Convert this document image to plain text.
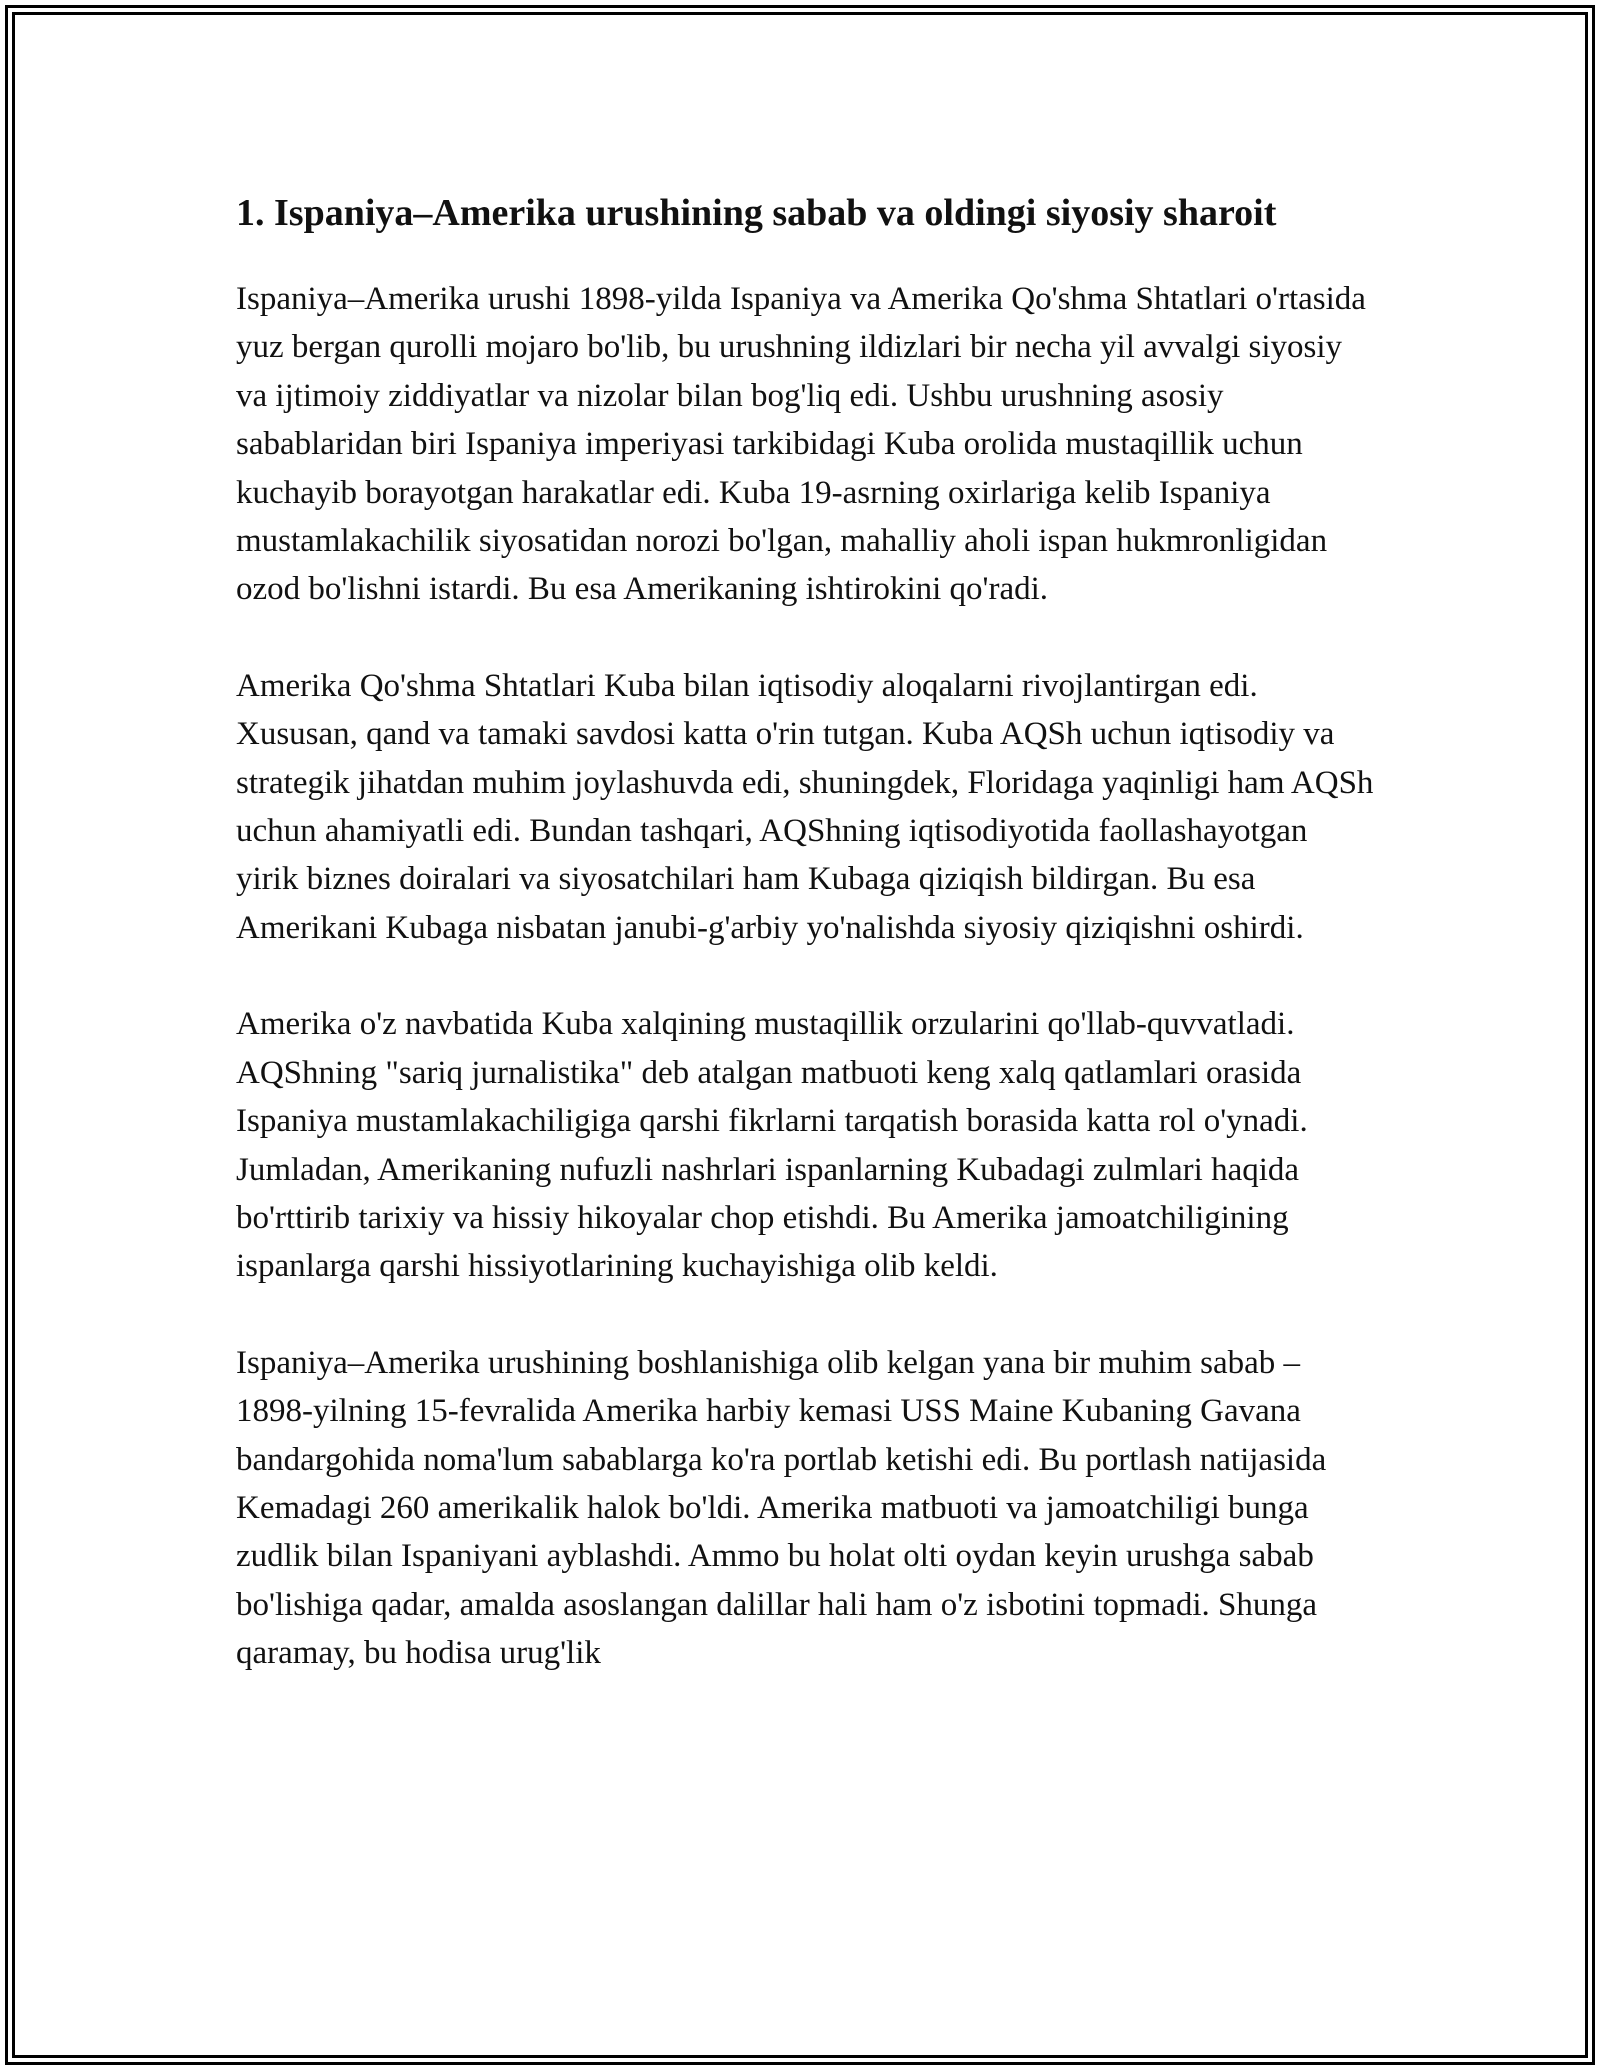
1. Ispaniya–Amerika urushining sabab va oldingi siyosiy sharoit

Ispaniya–Amerika urushi 1898-yilda Ispaniya va Amerika Qo'shma Shtatlari o'rtasida yuz bergan qurolli mojaro bo'lib, bu urushning ildizlari bir necha yil avvalgi siyosiy va ijtimoiy ziddiyatlar va nizolar bilan bog'liq edi. Ushbu urushning asosiy sabablaridan biri Ispaniya imperiyasi tarkibidagi Kuba orolida mustaqillik uchun kuchayib borayotgan harakatlar edi. Kuba 19-asrning oxirlariga kelib Ispaniya mustamlakachilik siyosatidan norozi bo'lgan, mahalliy aholi ispan hukmronligidan ozod bo'lishni istardi. Bu esa Amerikaning ishtirokini qo'radi.

Amerika Qo'shma Shtatlari Kuba bilan iqtisodiy aloqalarni rivojlantirgan edi. Xususan, qand va tamaki savdosi katta o'rin tutgan. Kuba AQSh uchun iqtisodiy va strategik jihatdan muhim joylashuvda edi, shuningdek, Floridaga yaqinligi ham AQSh uchun ahamiyatli edi. Bundan tashqari, AQShning iqtisodiyotida faollashayotgan yirik biznes doiralari va siyosatchilari ham Kubaga qiziqish bildirgan. Bu esa Amerikani Kubaga nisbatan janubi-g'arbiy yo'nalishda siyosiy qiziqishni oshirdi.

Amerika o'z navbatida Kuba xalqining mustaqillik orzularini qo'llab-quvvatladi. AQShning "sariq jurnalistika" deb atalgan matbuoti keng xalq qatlamlari orasida Ispaniya mustamlakachiligiga qarshi fikrlarni tarqatish borasida katta rol o'ynadi. Jumladan, Amerikaning nufuzli nashrlari ispanlarning Kubadagi zulmlari haqida bo'rttirib tarixiy va hissiy hikoyalar chop etishdi. Bu Amerika jamoatchiligining ispanlarga qarshi hissiyotlarining kuchayishiga olib keldi.

Ispaniya–Amerika urushining boshlanishiga olib kelgan yana bir muhim sabab – 1898-yilning 15-fevralida Amerika harbiy kemasi USS Maine Kubaning Gavana bandargohida noma'lum sabablarga ko'ra portlab ketishi edi. Bu portlash natijasida Kemadagi 260 amerikalik halok bo'ldi. Amerika matbuoti va jamoatchiligi bunga zudlik bilan Ispaniyani ayblashdi. Ammo bu holat olti oydan keyin urushga sabab bo'lishiga qadar, amalda asoslangan dalillar hali ham o'z isbotini topmadi. Shunga qaramay, bu hodisa urug'lik
